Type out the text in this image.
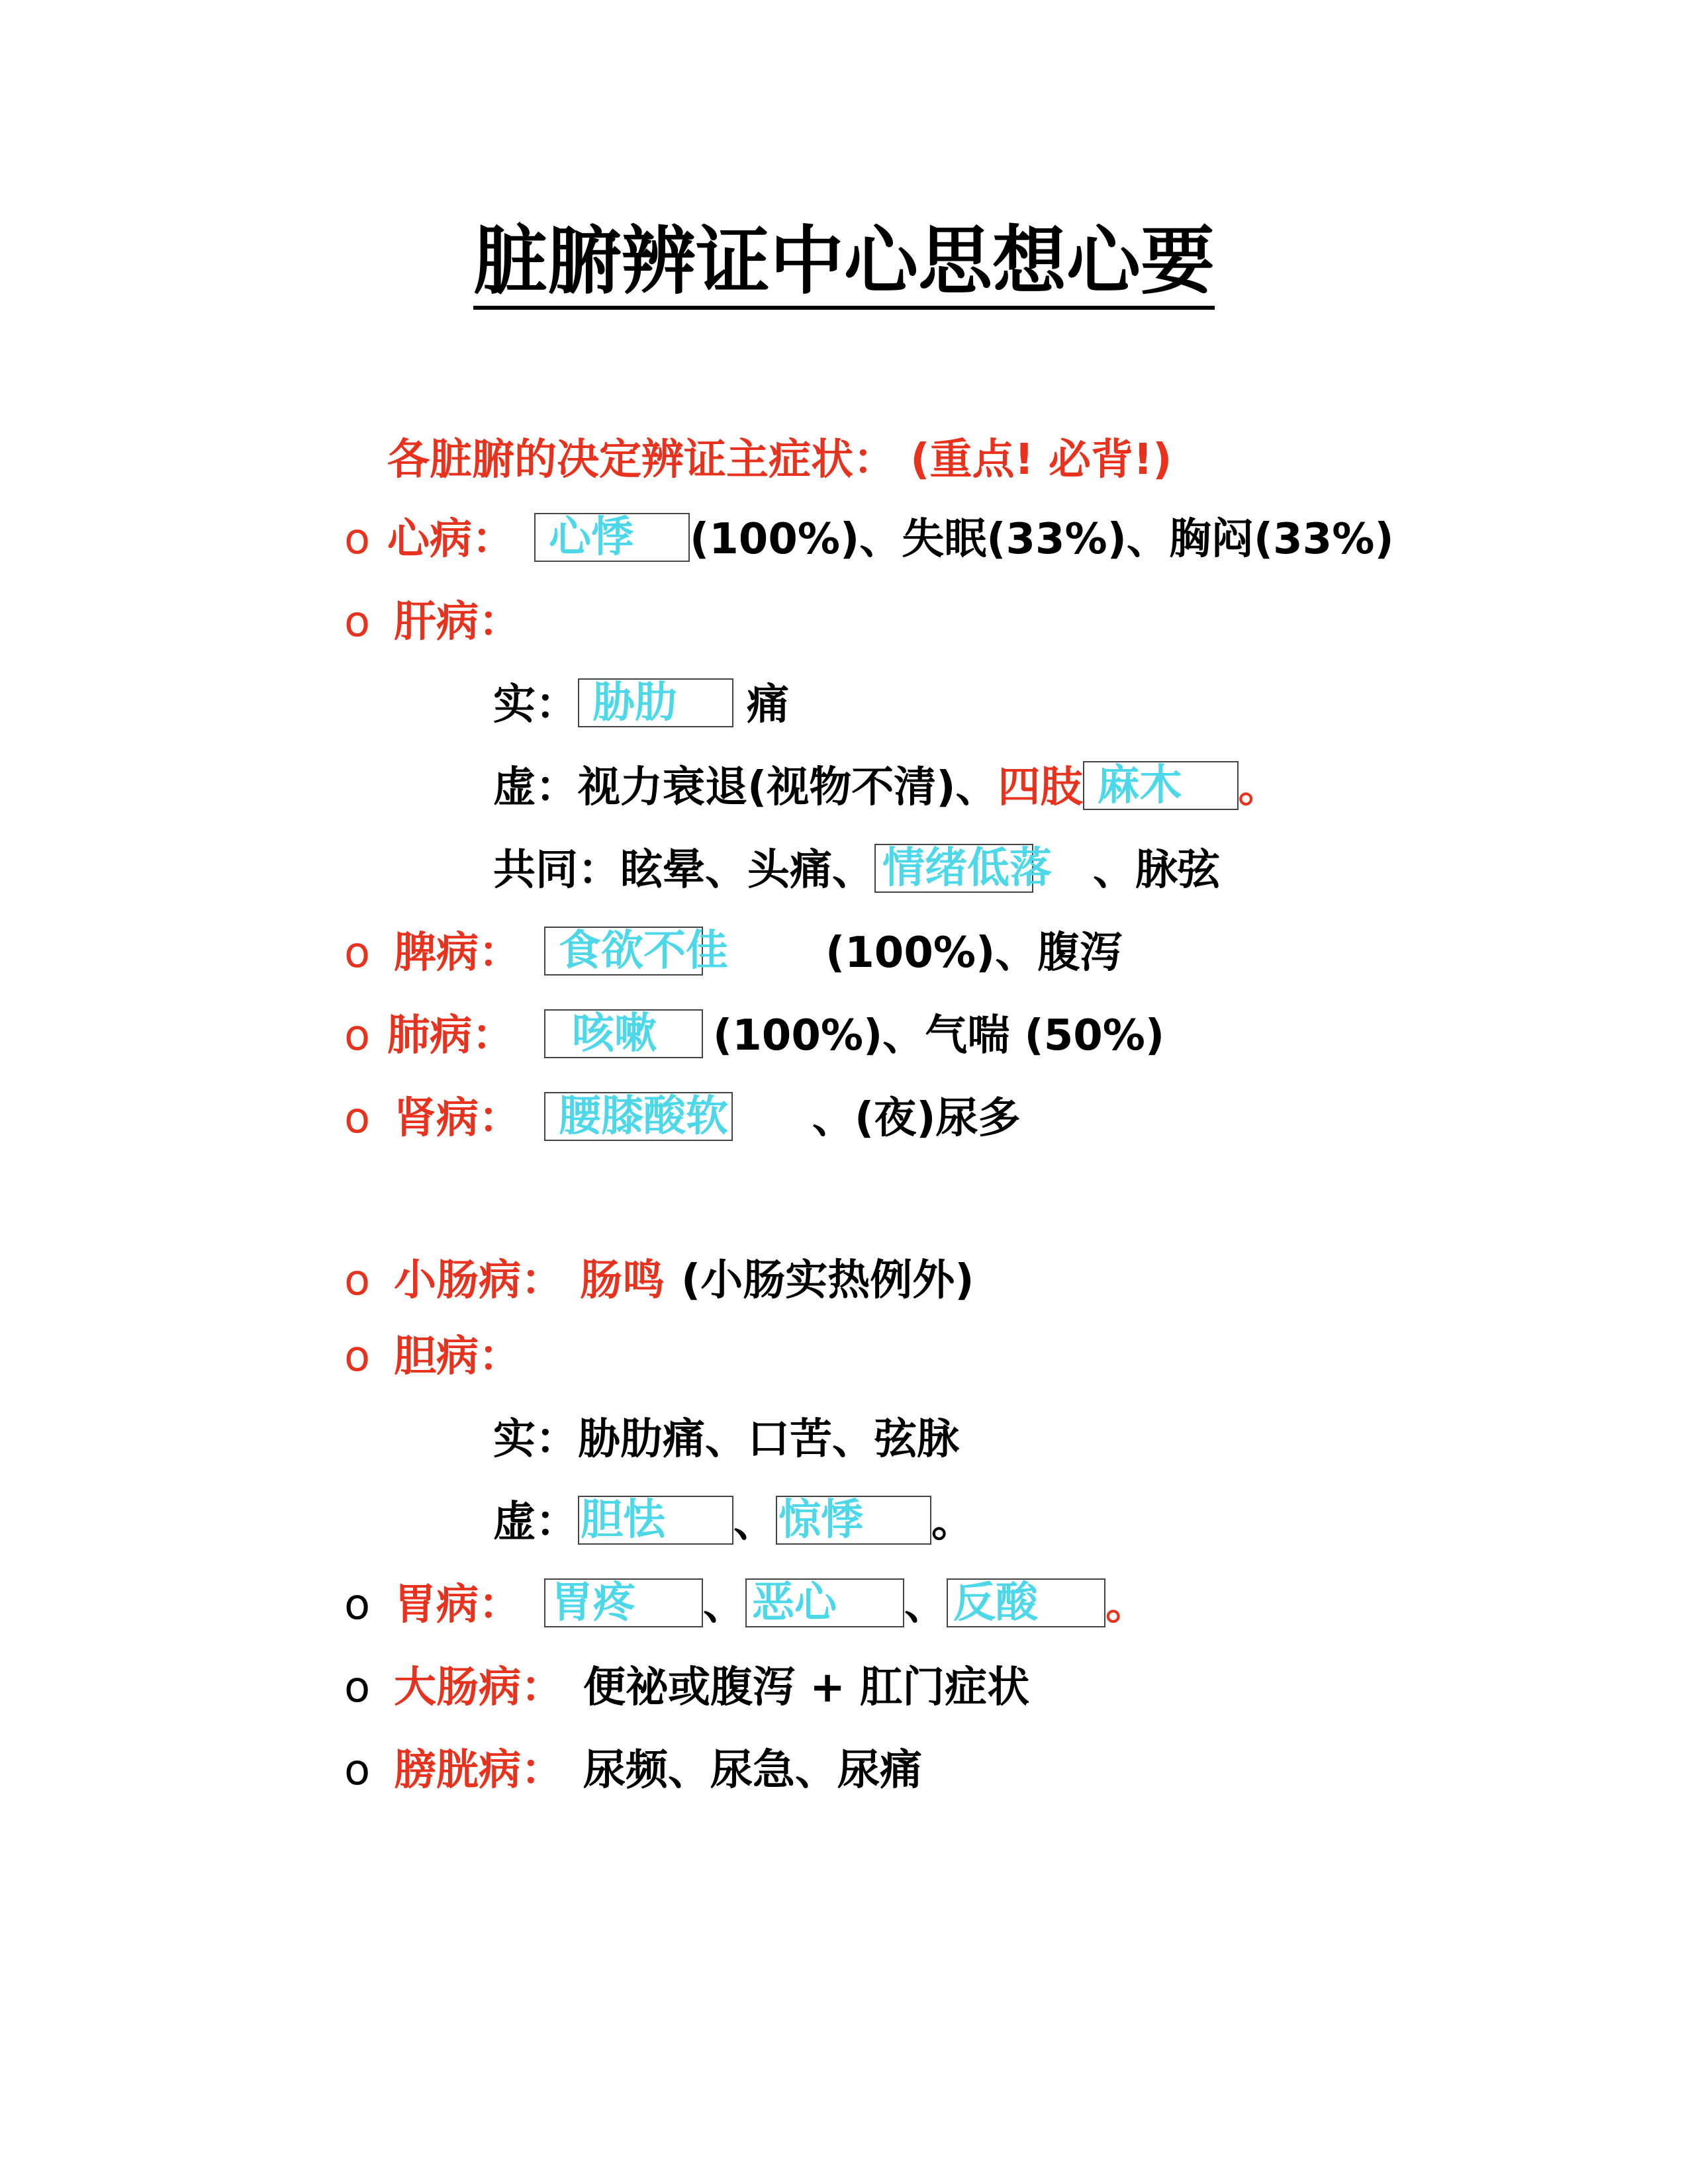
脏腑辨证中心思想心要
各脏腑的决定辨证主症状： (重点! 必背!)
o 心病： 心悸 (100%)、失眠(33%)、胸闷(33%)
o 肝病：
实： 胁肋 痛
虚：视力衰退(视物不清)、四肢 麻木 。
共同：眩晕、头痛、 情绪低落 、脉弦
o 脾病： 食欲不佳 (100%)、腹泻
o 肺病： 咳嗽 (100%)、气喘 (50%)
o 肾病： 腰膝酸软 、(夜)尿多
o 小肠病： 肠鸣 (小肠实热例外)
o 胆病：
实：胁肋痛、口苦、弦脉
虚：胆怯 、惊悸 。
o 胃病： 胃疼 、 恶心 、 反酸 。
o 大肠病： 便祕或腹泻 + 肛门症状
o 膀胱病： 尿频、尿急、尿痛
